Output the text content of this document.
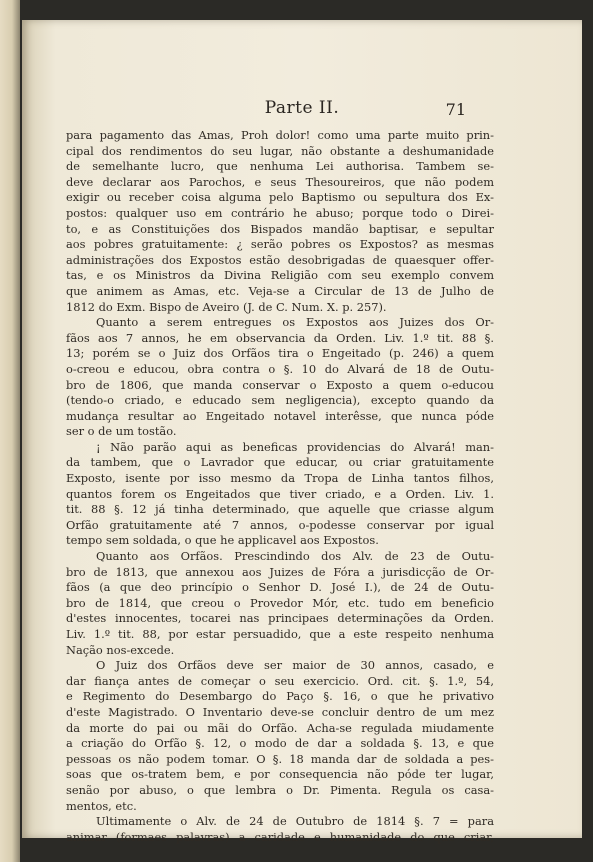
Parte II.	71
para pagamento das Amas, Proh dolor! como uma parte muito prin-
cipal dos rendimentos do seu lugar, não obstante a deshumanidade
de semelhante lucro, que nenhuma Lei authorisa. Tambem se-
deve declarar aos Parochos, e seus Thesoureiros, que não podem
exigir ou receber coisa alguma pelo Baptismo ou sepultura dos Ex-
postos: qualquer uso em contrário he abuso; porque todo o Direi-
to, e as Constituições dos Bispados mandão baptisar, e sepultar
aos pobres gratuitamente: ¿ serão pobres os Expostos? as mesmas
administrações dos Expostos estão desobrigadas de quaesquer offer-
tas, e os Ministros da Divina Religião com seu exemplo convem
que animem as Amas, etc. Veja-se a Circular de 13 de Julho de
1812 do Exm. Bispo de Aveiro (J. de C. Num. X. p. 257).
Quanto a serem entregues os Expostos aos Juizes dos Or-
fãos aos 7 annos, he em observancia da Orden. Liv. 1.º tit. 88 §.
13; porém se o Juiz dos Orfãos tira o Engeitado (p. 246) a quem
o-creou e educou, obra contra o §. 10 do Alvará de 18 de Outu-
bro de 1806, que manda conservar o Exposto a quem o-educou
(tendo-o criado, e educado sem negligencia), excepto quando da
mudança resultar ao Engeitado notavel interêsse, que nunca póde
ser o de um tostão.
¡ Não parão aqui as beneficas providencias do Alvará! man-
da tambem, que o Lavrador que educar, ou criar gratuitamente
Exposto, isente por isso mesmo da Tropa de Linha tantos filhos,
quantos forem os Engeitados que tiver criado, e a Orden. Liv. 1.
tit. 88 §. 12 já tinha determinado, que aquelle que criasse algum
Orfão gratuitamente até 7 annos, o-podesse conservar por igual
tempo sem soldada, o que he applicavel aos Expostos.
Quanto aos Orfãos. Prescindindo dos Alv. de 23 de Outu-
bro de 1813, que annexou aos Juizes de Fóra a jurisdicção de Or-
fãos (a que deo princípio o Senhor D. José I.), de 24 de Outu-
bro de 1814, que creou o Provedor Mór, etc. tudo em beneficio
d'estes innocentes, tocarei nas principaes determinações da Orden.
Liv. 1.º tit. 88, por estar persuadido, que a este respeito nenhuma
Nação nos-excede.
O Juiz dos Orfãos deve ser maior de 30 annos, casado, e
dar fiança antes de começar o seu exercicio. Ord. cit. §. 1.º, 54,
e Regimento do Desembargo do Paço §. 16, o que he privativo
d'este Magistrado. O Inventario deve-se concluir dentro de um mez
da morte do pai ou mãi do Orfão. Acha-se regulada miudamente
a criação do Orfão §. 12, o modo de dar a soldada §. 13, e que
pessoas os não podem tomar. O §. 18 manda dar de soldada a pes-
soas que os-tratem bem, e por consequencia não póde ter lugar,
senão por abuso, o que lembra o Dr. Pimenta. Regula os casa-
mentos, etc.
Ultimamente o Alv. de 24 de Outubro de 1814 §. 7 = para
animar (formaes palavras) a caridade e humanidade do que criar,
